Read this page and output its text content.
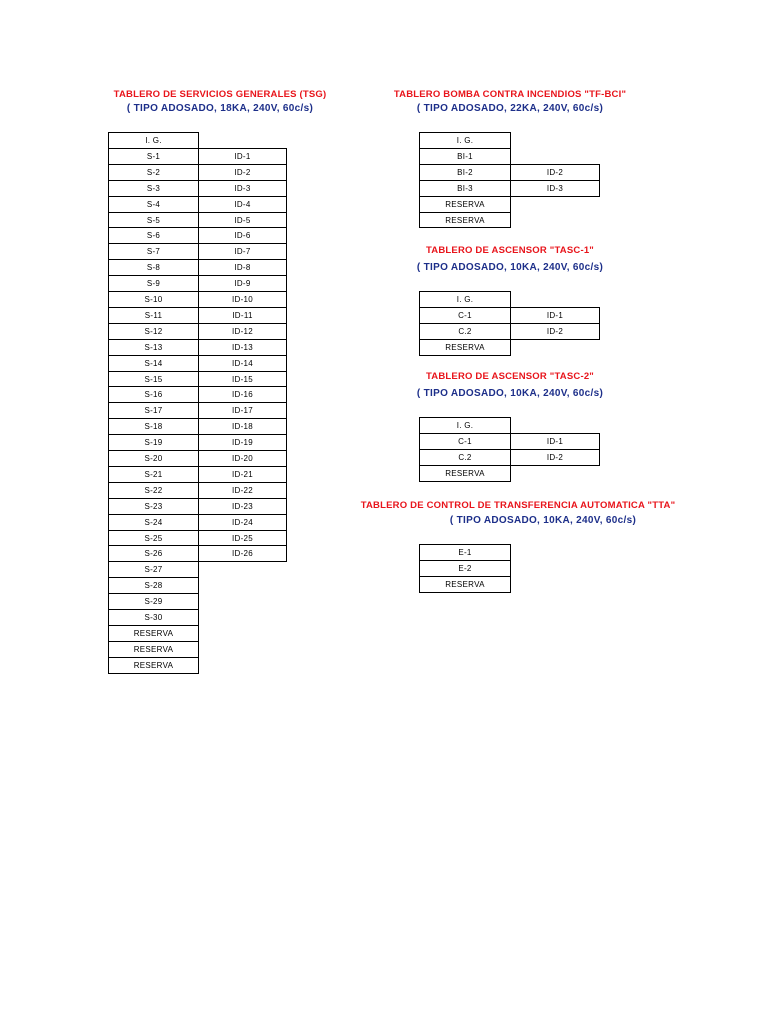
TABLERO DE SERVICIOS GENERALES (TSG)
( TIPO ADOSADO, 18KA, 240V, 60c/s)
I. G.
S-1	ID-1
S-2	ID-2
S-3	ID-3
S-4	ID-4
S-5	ID-5
S-6	ID-6
S-7	ID-7
S-8	ID-8
S-9	ID-9
S-10	ID-10
S-11	ID-11
S-12	ID-12
S-13	ID-13
S-14	ID-14
S-15	ID-15
S-16	ID-16
S-17	ID-17
S-18	ID-18
S-19	ID-19
S-20	ID-20
S-21	ID-21
S-22	ID-22
S-23	ID-23
S-24	ID-24
S-25	ID-25
S-26	ID-26
S-27
S-28
S-29
S-30
RESERVA
RESERVA
RESERVA
TABLERO BOMBA CONTRA INCENDIOS "TF-BCI"
( TIPO ADOSADO, 22KA, 240V, 60c/s)
I. G.
BI-1
BI-2	ID-2
BI-3	ID-3
RESERVA
RESERVA
TABLERO DE ASCENSOR "TASC-1"
( TIPO ADOSADO, 10KA, 240V, 60c/s)
I. G.
C-1	ID-1
C.2	ID-2
RESERVA
TABLERO DE ASCENSOR "TASC-2"
( TIPO ADOSADO, 10KA, 240V, 60c/s)
I. G.
C-1	ID-1
C.2	ID-2
RESERVA
TABLERO DE CONTROL DE TRANSFERENCIA AUTOMATICA "TTA"
( TIPO ADOSADO, 10KA, 240V, 60c/s)
E-1
E-2
RESERVA
